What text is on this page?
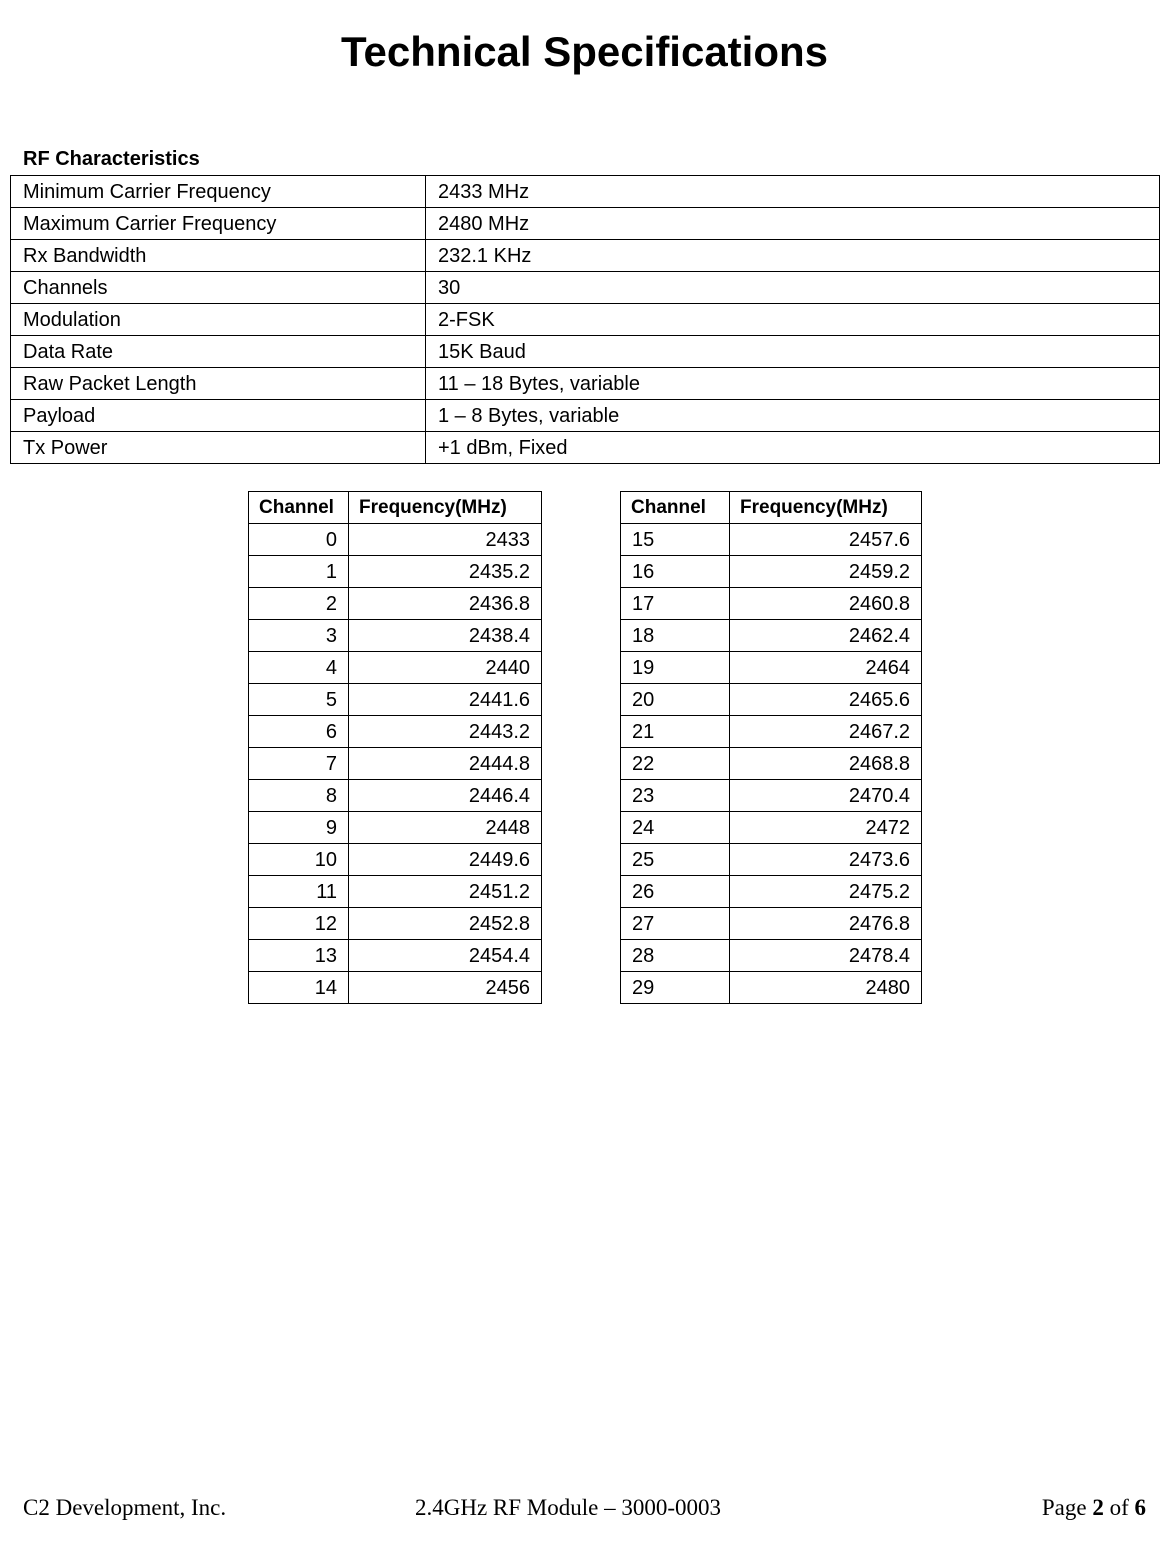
Technical Specifications
RF Characteristics
Minimum Carrier Frequency	2433 MHz
Maximum Carrier Frequency	2480 MHz
Rx Bandwidth	232.1 KHz
Channels	30
Modulation	2-FSK
Data Rate	15K Baud
Raw Packet Length	11 – 18 Bytes, variable
Payload	1 – 8 Bytes, variable
Tx Power	+1 dBm, Fixed
Channel	Frequency(MHz)
0	2433
1	2435.2
2	2436.8
3	2438.4
4	2440
5	2441.6
6	2443.2
7	2444.8
8	2446.4
9	2448
10	2449.6
11	2451.2
12	2452.8
13	2454.4
14	2456
Channel	Frequency(MHz)
15	2457.6
16	2459.2
17	2460.8
18	2462.4
19	2464
20	2465.6
21	2467.2
22	2468.8
23	2470.4
24	2472
25	2473.6
26	2475.2
27	2476.8
28	2478.4
29	2480
C2 Development, Inc.	2.4GHz RF Module – 3000-0003	Page 2 of 6
